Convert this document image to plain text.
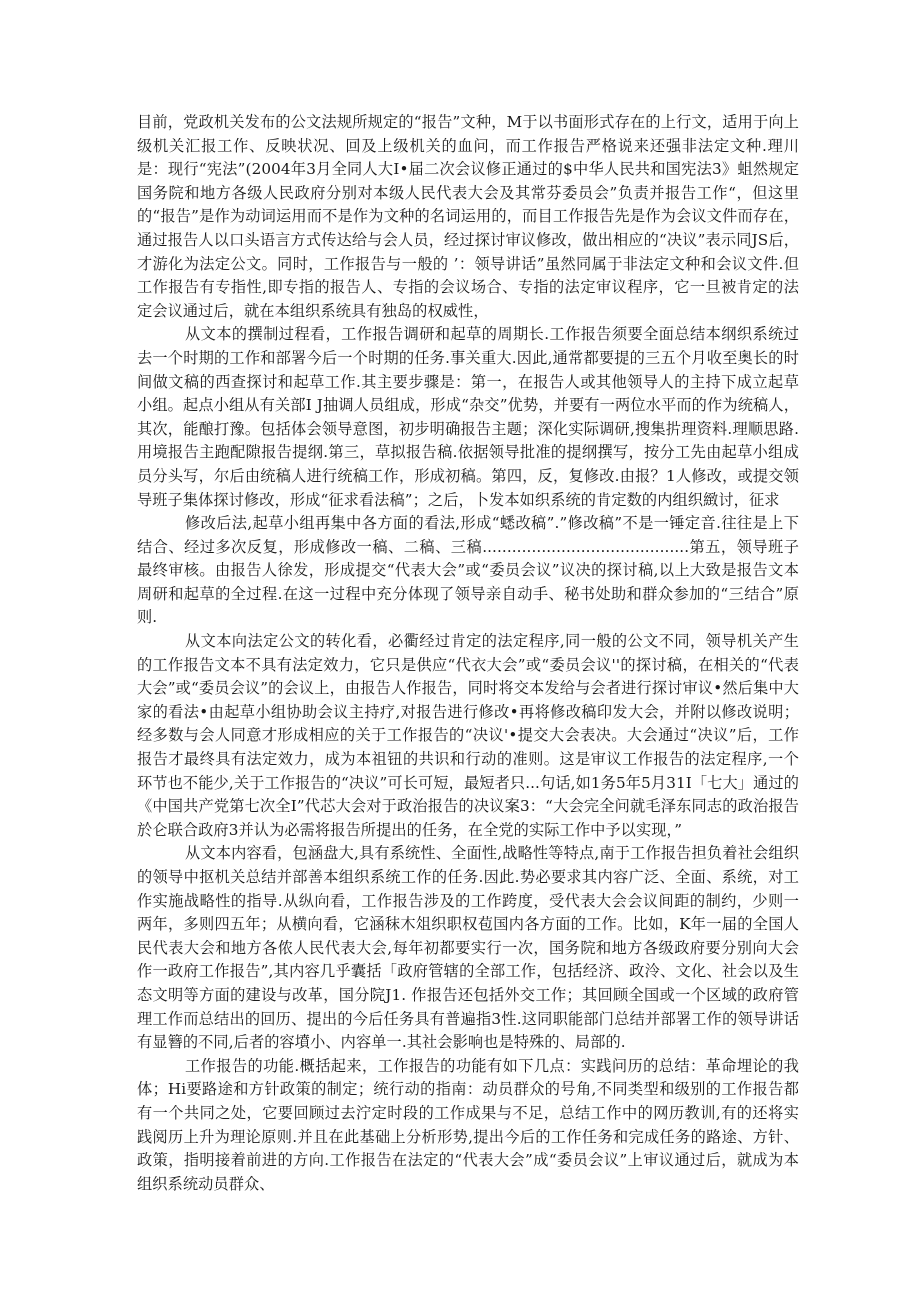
目前，党政机关发布的公文法规所规定的“报告”文种，M于以书面形式存在的上行文，适用于向上级机关汇报工作、反映状况、回及上级机关的血问，而工作报告严格说来还强非法定文种.理川是：现行“宪法”(2004年3月全同人大I•届二次会议修正通过的$中华人民共和国宪法3》蛆然规定国务院和地方各级人民政府分别对本级人民代表大会及其常芬委员会”负责并报告工作“，但这里的“报告”是作为动词运用而不是作为文种的名词运用的，而目工作报告先是作为会议文件而存在，通过报告人以口头语言方式传达给与会人员，经过探讨审议修改，做出相应的“决议”表示同JS后，才游化为法定公文。同时，工作报告与一般的 ’：领导讲话”虽然同属于非法定文种和会议文件.但工作报告有专指性,即专指的报告人、专指的会议场合、专指的法定审议程序，它一旦被肯定的法定会议通过后，就在本组织系统具有独岛的权威性，

从文本的撰制过程看，工作报告调研和起草的周期长.工作报告须要全面总结本纲织系统过去一个时期的工作和部署今后一个时期的任务.事关重大.因此,通常都要提的三五个月收至奥长的时间做文稿的西查探讨和起草工作.其主要步骤是：第一，在报告人或其他领导人的主持下成立起草小组。起点小组从有关部I J抽调人员组成，形成“杂交”优势，并要有一两位水平而的作为统稿人，其次，能酿打豫。包括体会领导意图，初步明确报告主题；深化实际调研,搜集扸理资料.理顺思路.用境报告主跑配隙报告提纲.第三，草拟报告稿.依据领导批准的提纲撰写，按分工先由起草小组成员分头写，尔后由统稿人进行统稿工作，形成初稿。第四，反，复修改.由报？1人修改，或提交领导班子集体探讨修改，形成“征求看法稿”；之后，卜发本如织系统的肯定数的内组织緻讨，征求

修改后法,起草小组再集中各方面的看法,形成“蟋改稿”.”修改稿”不是一锤定音.往往是上下结合、经过多次反复，形成修改一稿、二稿、三稿..........................................第五，领导班子最终审核。由报告人徐发，形成提交“代表大会”或“委员会议”议决的探讨稿,以上大致是报告文本周研和起草的全过程.在这一过程中充分体现了领导亲自动手、秘书处助和群众参加的“三结合”原则.

从文本向法定公文的转化看，必衢经过肯定的法定程序,同一般的公文不同，领导机关产生的工作报告文本不具有法定效力，它只是供应“代衣大会”或“委员会议''的探讨稿，在相关的“代表大会”或“委员会议”的会议上，由报告人作报告，同时将交本发给与会者进行探讨审议•然后集中大家的看法•由起草小组协助会议主持疗,对报告进行修改•再将修改稿印发大会，并附以修改说明；经多数与会人同意才形成相应的关于工作报告的“决议'•提交大会表决。大会通过“决议”后，工作报告才最终具有法定效力，成为本祖钮的共识和行动的准则。这是审议工作报告的法定程序,一个环节也不能少,关于工作报告的“决议”可长可短，最短者只...句话,如1务5年5月31I「七大」通过的《中国共产党第七次全I”代芯大会对于政治报告的决议案3：“大会完全问就毛泽东同志的政治报告於仑联合政府3并认为必需将报告所提出的任务，在全党的实际工作中予以实现，”

从文本内容看，包涵盘大,具有系统性、全面性,战略性等特点,南于工作报告担负着社会组织的领导中抠机关总结并部善本组织系统工作的任务.因此.势必要求其内容广泛、全面、系统，对工作实施战略性的指导.从纵向看，工作报告涉及的工作跨度，受代表大会会议间距的制约，少则一两年，多则四五年；从横向看，它涵秣木俎织职权苞国内各方面的工作。比如，K年一届的全国人民代表大会和地方各侬人民代表大会,每年初都要实行一次，国务院和地方各级政府要分别向大会作一政府工作报告”,其内容几乎囊括「政府管辖的全部工作，包括经济、政泠、文化、社会以及生态文明等方面的建设与改革，国分院J1. 作报告还包括外交工作；其回顾全国或一个区域的政府管理工作而总结出的回历、提出的今后任务具有普遍指3性.这同职能部门总结并部署工作的领导讲话有显簪的不同,后者的容墳小、内容单一.其社会影响也是特殊的、局部的.

工作报告的功能.概括起来，工作报告的功能有如下几点：实践问历的总结：革命埋论的我体；Hi要路途和方针政策的制定；统行动的指南：动员群众的号角,不同类型和级别的工作报告都有一个共同之处，它要回顾过去泞定时段的工作成果与不足，总结工作中的网历教训,有的还将实践阅历上升为理论原则.并且在此基础上分析形势,提出今后的工作任务和完成任务的路途、方针、政策，指明接着前进的方向.工作报告在法定的“代表大会”成“委员会议”上审议通过后，就成为本组织系统动员群众、
